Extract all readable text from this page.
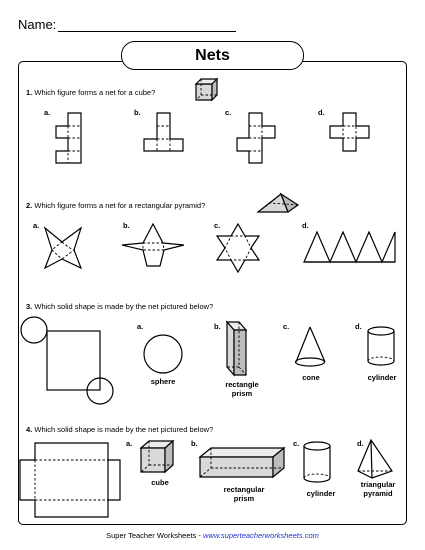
Name:
Nets
1. Which figure forms a net for a cube?
a.	b.	c.	d.
2. Which figure forms a net for a rectangular pyramid?
a.	b.	c.	d.
3. Which solid shape is made by the net pictured below?
a.	b.	c.	d.
sphere	rectangle
prism
cone	cylinder
4. Which solid shape is made by the net pictured below?
a.	b.	c.	d.
cube
rectangular
prism
cylinder
triangular
pyramid
Super Teacher Worksheets - www.superteacherworksheets.com
